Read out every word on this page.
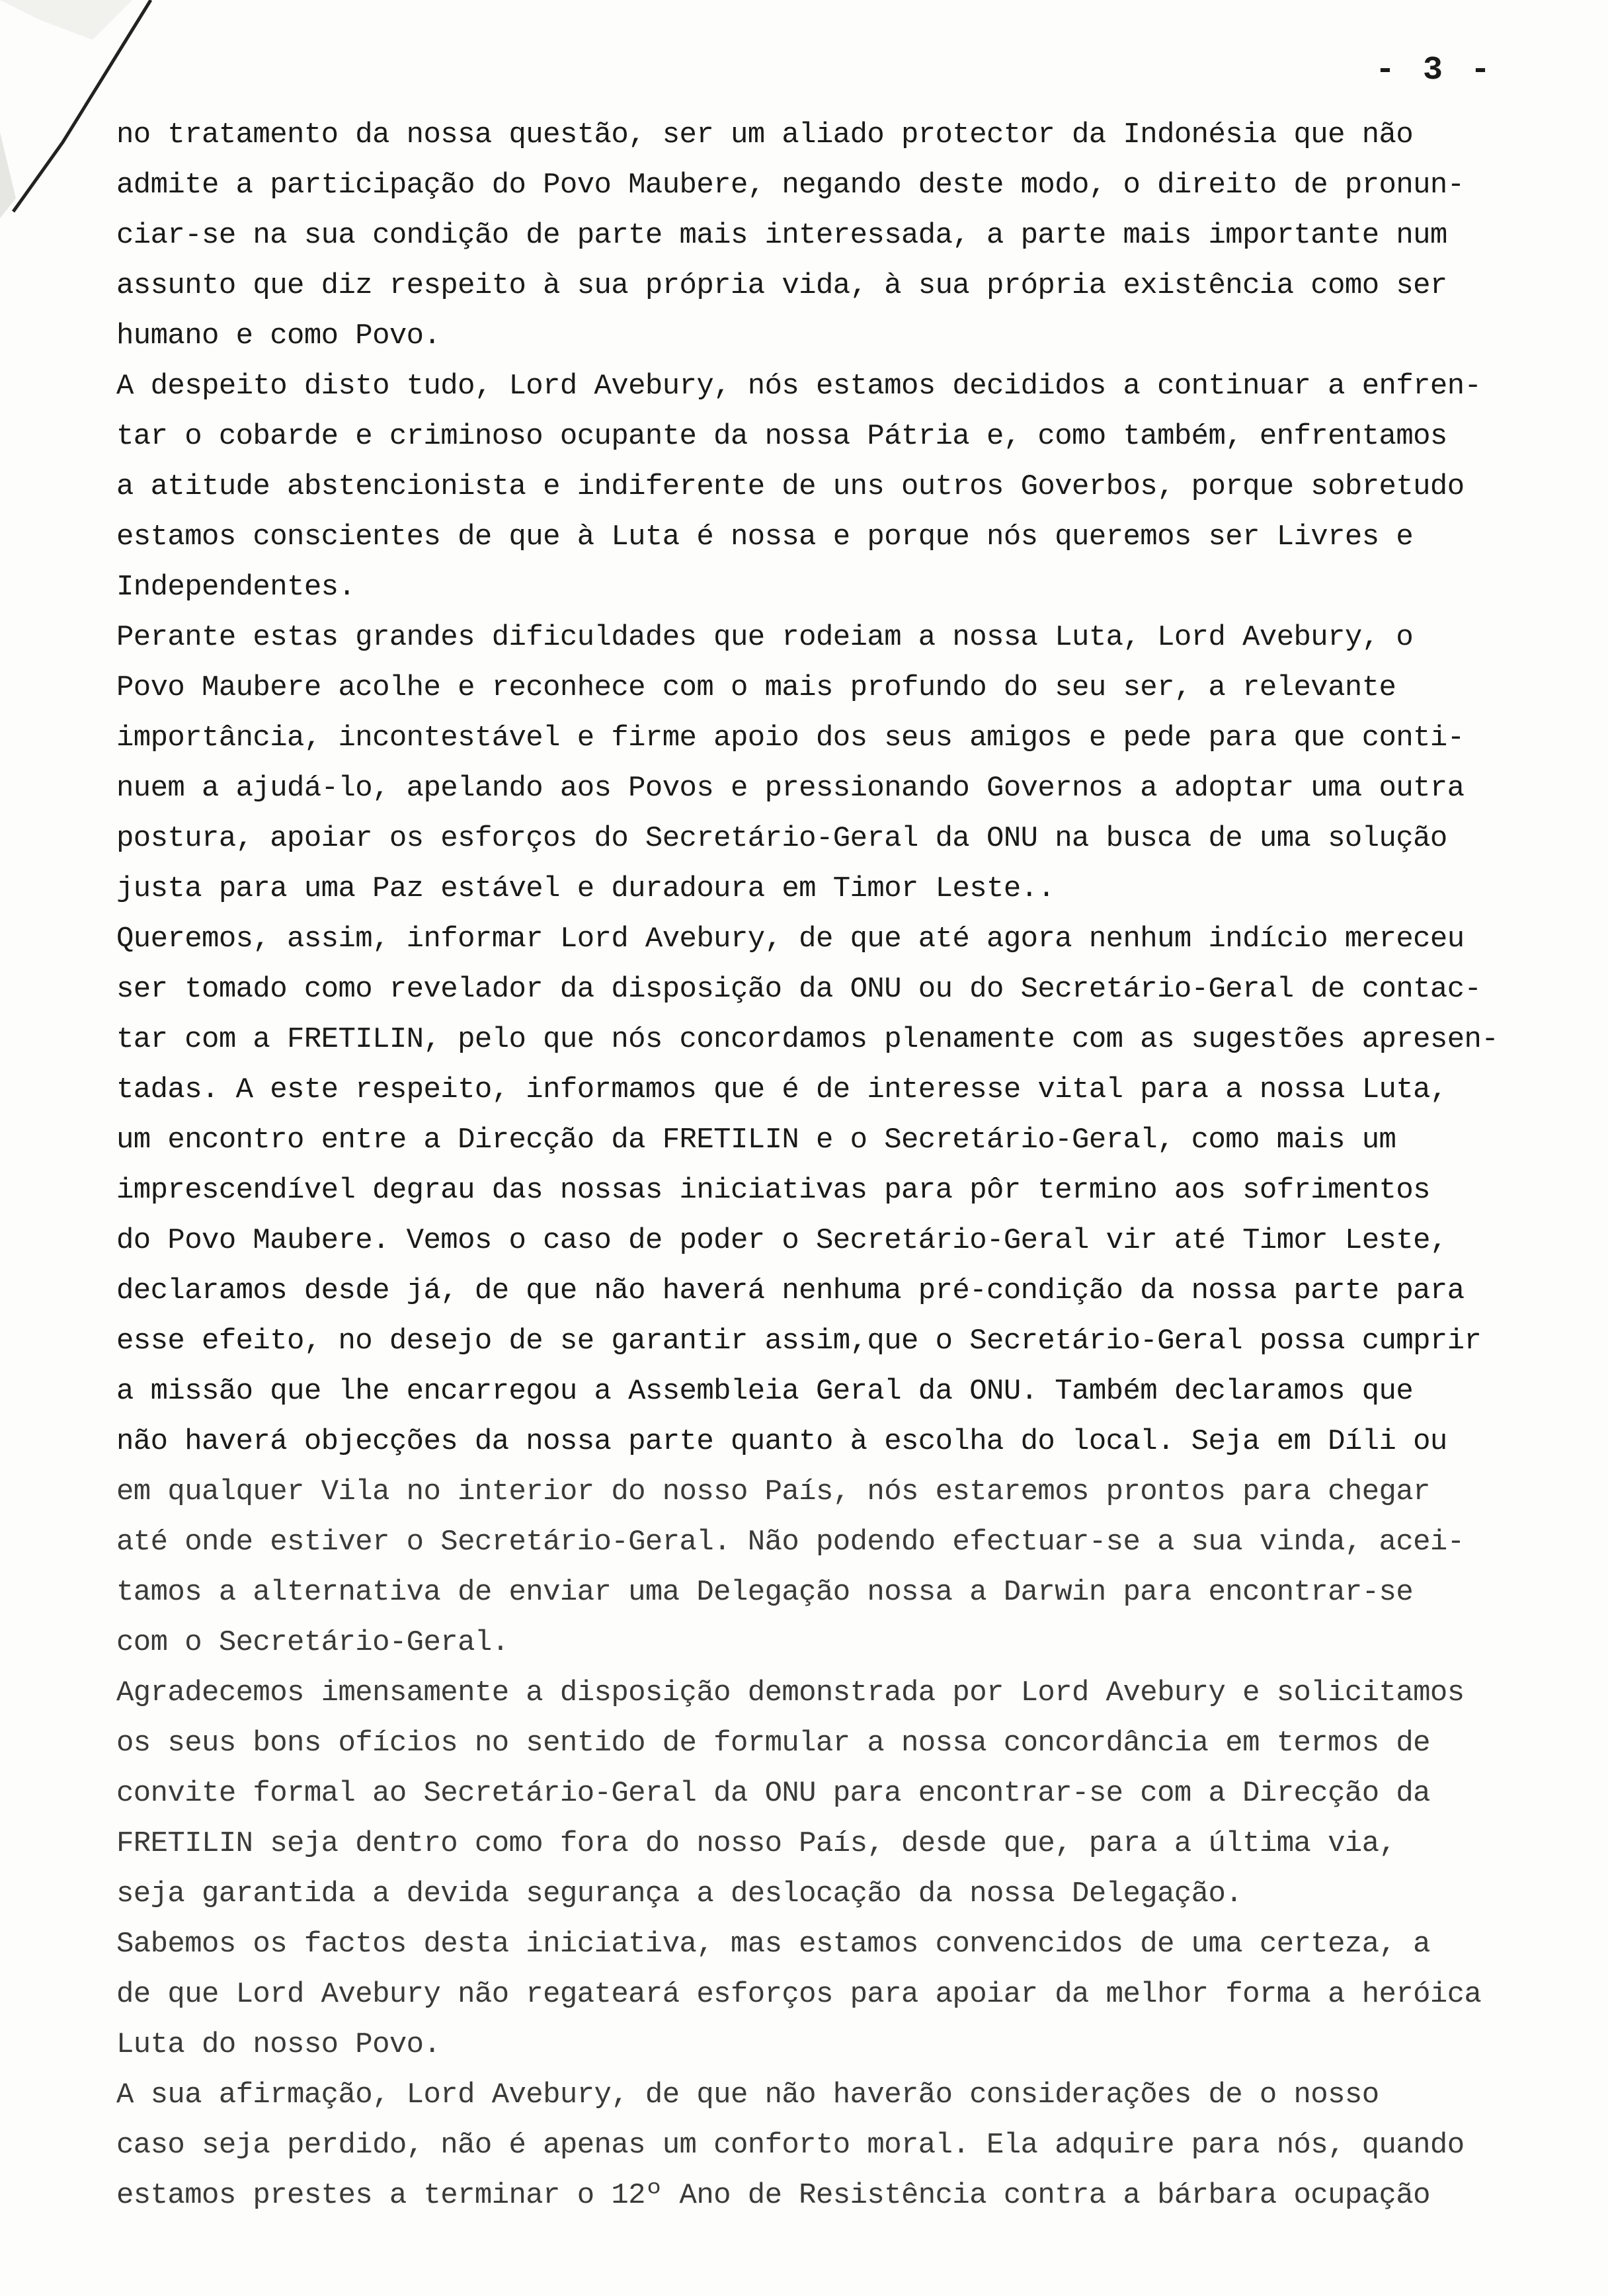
- 3 -
no tratamento da nossa questão, ser um aliado protector da Indonésia que não
admite a participação do Povo Maubere, negando deste modo, o direito de pronun-
ciar-se na sua condição de parte mais interessada, a parte mais importante num
assunto que diz respeito à sua própria vida, à sua própria existência como ser
humano e como Povo.
A despeito disto tudo, Lord Avebury, nós estamos decididos a continuar a enfren-
tar o cobarde e criminoso ocupante da nossa Pátria e, como também, enfrentamos
a atitude abstencionista e indiferente de uns outros Goverbos, porque sobretudo
estamos conscientes de que à Luta é nossa e porque nós queremos ser Livres e
Independentes.
Perante estas grandes dificuldades que rodeiam a nossa Luta, Lord Avebury, o
Povo Maubere acolhe e reconhece com o mais profundo do seu ser, a relevante
importância, incontestável e firme apoio dos seus amigos e pede para que conti-
nuem a ajudá-lo, apelando aos Povos e pressionando Governos a adoptar uma outra
postura, apoiar os esforços do Secretário-Geral da ONU na busca de uma solução
justa para uma Paz estável e duradoura em Timor Leste..
Queremos, assim, informar Lord Avebury, de que até agora nenhum indício mereceu
ser tomado como revelador da disposição da ONU ou do Secretário-Geral de contac-
tar com a FRETILIN, pelo que nós concordamos plenamente com as sugestões apresen-
tadas. A este respeito, informamos que é de interesse vital para a nossa Luta,
um encontro entre a Direcção da FRETILIN e o Secretário-Geral, como mais um
imprescendível degrau das nossas iniciativas para pôr termino aos sofrimentos
do Povo Maubere. Vemos o caso de poder o Secretário-Geral vir até Timor Leste,
declaramos desde já, de que não haverá nenhuma pré-condição da nossa parte para
esse efeito, no desejo de se garantir assim,que o Secretário-Geral possa cumprir
a missão que lhe encarregou a Assembleia Geral da ONU. Também declaramos que
não haverá objecções da nossa parte quanto à escolha do local. Seja em Díli ou
em qualquer Vila no interior do nosso País, nós estaremos prontos para chegar
até onde estiver o Secretário-Geral. Não podendo efectuar-se a sua vinda, acei-
tamos a alternativa de enviar uma Delegação nossa a Darwin para encontrar-se
com o Secretário-Geral.
Agradecemos imensamente a disposição demonstrada por Lord Avebury e solicitamos
os seus bons ofícios no sentido de formular a nossa concordância em termos de
convite formal ao Secretário-Geral da ONU para encontrar-se com a Direcção da
FRETILIN seja dentro como fora do nosso País, desde que, para a última via,
seja garantida a devida segurança a deslocação da nossa Delegação.
Sabemos os factos desta iniciativa, mas estamos convencidos de uma certeza, a
de que Lord Avebury não regateará esforços para apoiar da melhor forma a heróica
Luta do nosso Povo.
A sua afirmação, Lord Avebury, de que não haverão considerações de o nosso
caso seja perdido, não é apenas um conforto moral. Ela adquire para nós, quando
estamos prestes a terminar o 12º Ano de Resistência contra a bárbara ocupação
